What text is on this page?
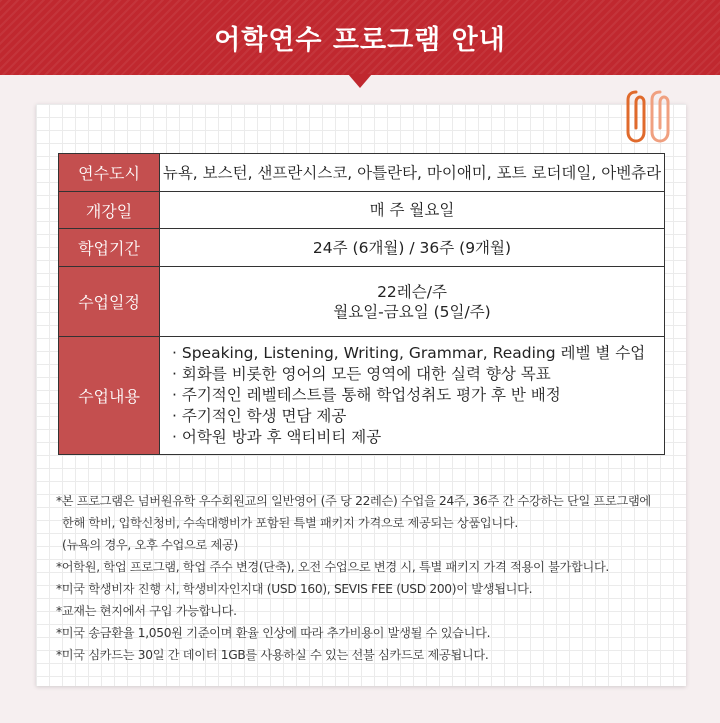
어학연수 프로그램 안내
연수도시	뉴욕, 보스턴, 샌프란시스코, 아틀란타, 마이애미, 포트 로더데일, 아벤츄라
개강일	매 주 월요일
학업기간	24주 (6개월) / 36주 (9개월)
수업일정	22레슨/주
월요일-금요일 (5일/주)

수업내용	· Speaking, Listening, Writing, Grammar, Reading 레벨 별 수업
· 회화를 비롯한 영어의 모든 영역에 대한 실력 향상 목표
· 주기적인 레벨테스트를 통해 학업성취도 평가 후 반 배정
· 주기적인 학생 면담 제공
· 어학원 방과 후 액티비티 제공
*본 프로그램은 넘버원유학 우수회원교의 일반영어 (주 당 22레슨) 수업을 24주, 36주 간 수강하는 단일 프로그램에
한해 학비, 입학신청비, 수속대행비가 포함된 특별 패키지 가격으로 제공되는 상품입니다.
(뉴욕의 경우, 오후 수업으로 제공)
*어학원, 학업 프로그램, 학업 주수 변경(단축), 오전 수업으로 변경 시, 특별 패키지 가격 적용이 불가합니다.
*미국 학생비자 진행 시, 학생비자인지대 (USD 160), SEVIS FEE (USD 200)이 발생됩니다.
*교재는 현지에서 구입 가능합니다.
*미국 송금환율 1,050원 기준이며 환율 인상에 따라 추가비용이 발생될 수 있습니다.
*미국 심카드는 30일 간 데이터 1GB를 사용하실 수 있는 선불 심카드로 제공됩니다.
